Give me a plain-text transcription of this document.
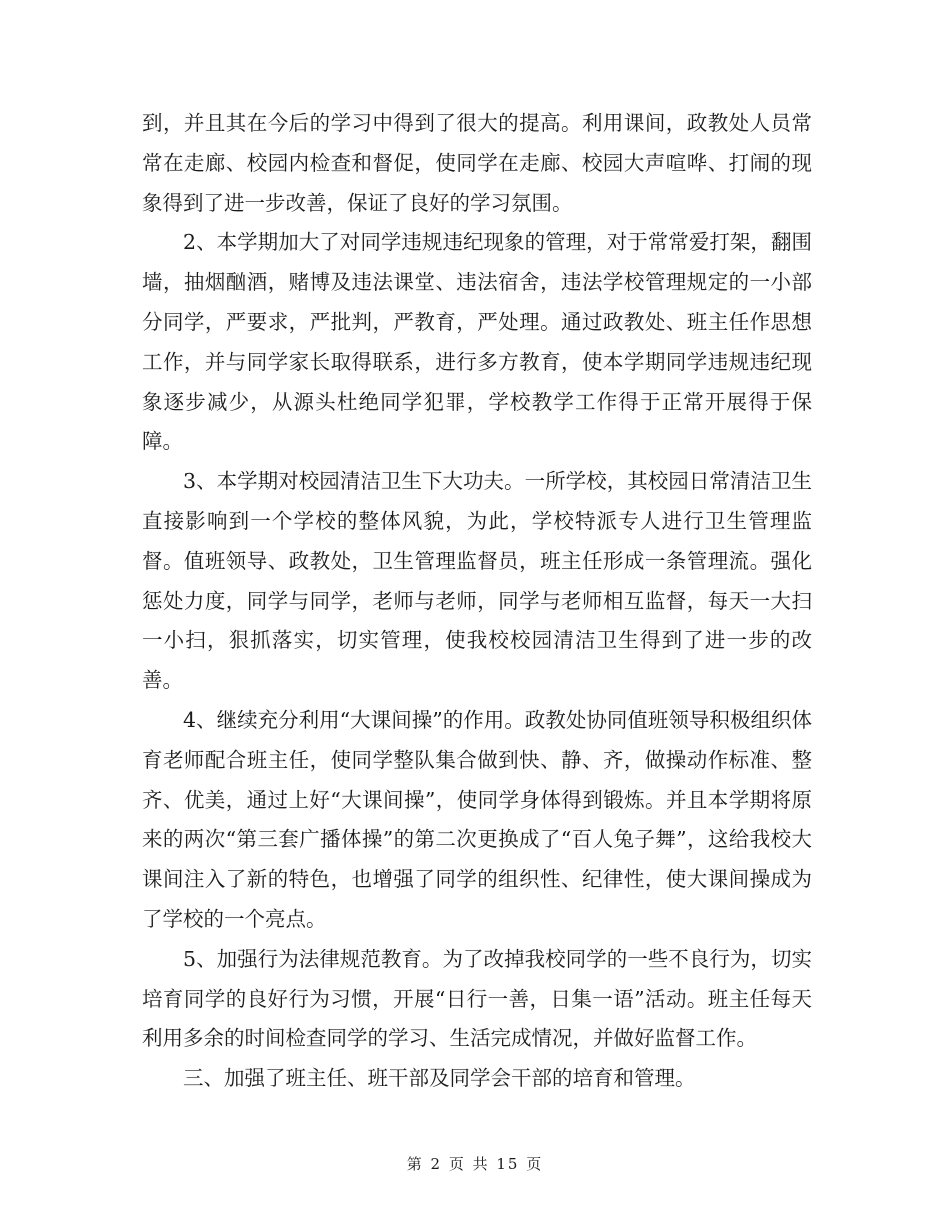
到，并且其在今后的学习中得到了很大的提高。利用课间，政教处人员常常在走廊、校园内检查和督促，使同学在走廊、校园大声喧哗、打闹的现象得到了进一步改善，保证了良好的学习氛围。

2、本学期加大了对同学违规违纪现象的管理，对于常常爱打架，翻围墙，抽烟酗酒，赌博及违法课堂、违法宿舍，违法学校管理规定的一小部分同学，严要求，严批判，严教育，严处理。通过政教处、班主任作思想工作，并与同学家长取得联系，进行多方教育，使本学期同学违规违纪现象逐步减少，从源头杜绝同学犯罪，学校教学工作得于正常开展得于保障。

3、本学期对校园清洁卫生下大功夫。一所学校，其校园日常清洁卫生直接影响到一个学校的整体风貌，为此，学校特派专人进行卫生管理监督。值班领导、政教处，卫生管理监督员，班主任形成一条管理流。强化惩处力度，同学与同学，老师与老师，同学与老师相互监督，每天一大扫一小扫，狠抓落实，切实管理，使我校校园清洁卫生得到了进一步的改善。

4、继续充分利用“大课间操”的作用。政教处协同值班领导积极组织体育老师配合班主任，使同学整队集合做到快、静、齐，做操动作标准、整齐、优美，通过上好“大课间操”，使同学身体得到锻炼。并且本学期将原来的两次“第三套广播体操”的第二次更换成了“百人兔子舞”，这给我校大课间注入了新的特色，也增强了同学的组织性、纪律性，使大课间操成为了学校的一个亮点。

5、加强行为法律规范教育。为了改掉我校同学的一些不良行为，切实培育同学的良好行为习惯，开展“日行一善，日集一语”活动。班主任每天利用多余的时间检查同学的学习、生活完成情况，并做好监督工作。

三、加强了班主任、班干部及同学会干部的培育和管理。

第 2 页 共 15 页
